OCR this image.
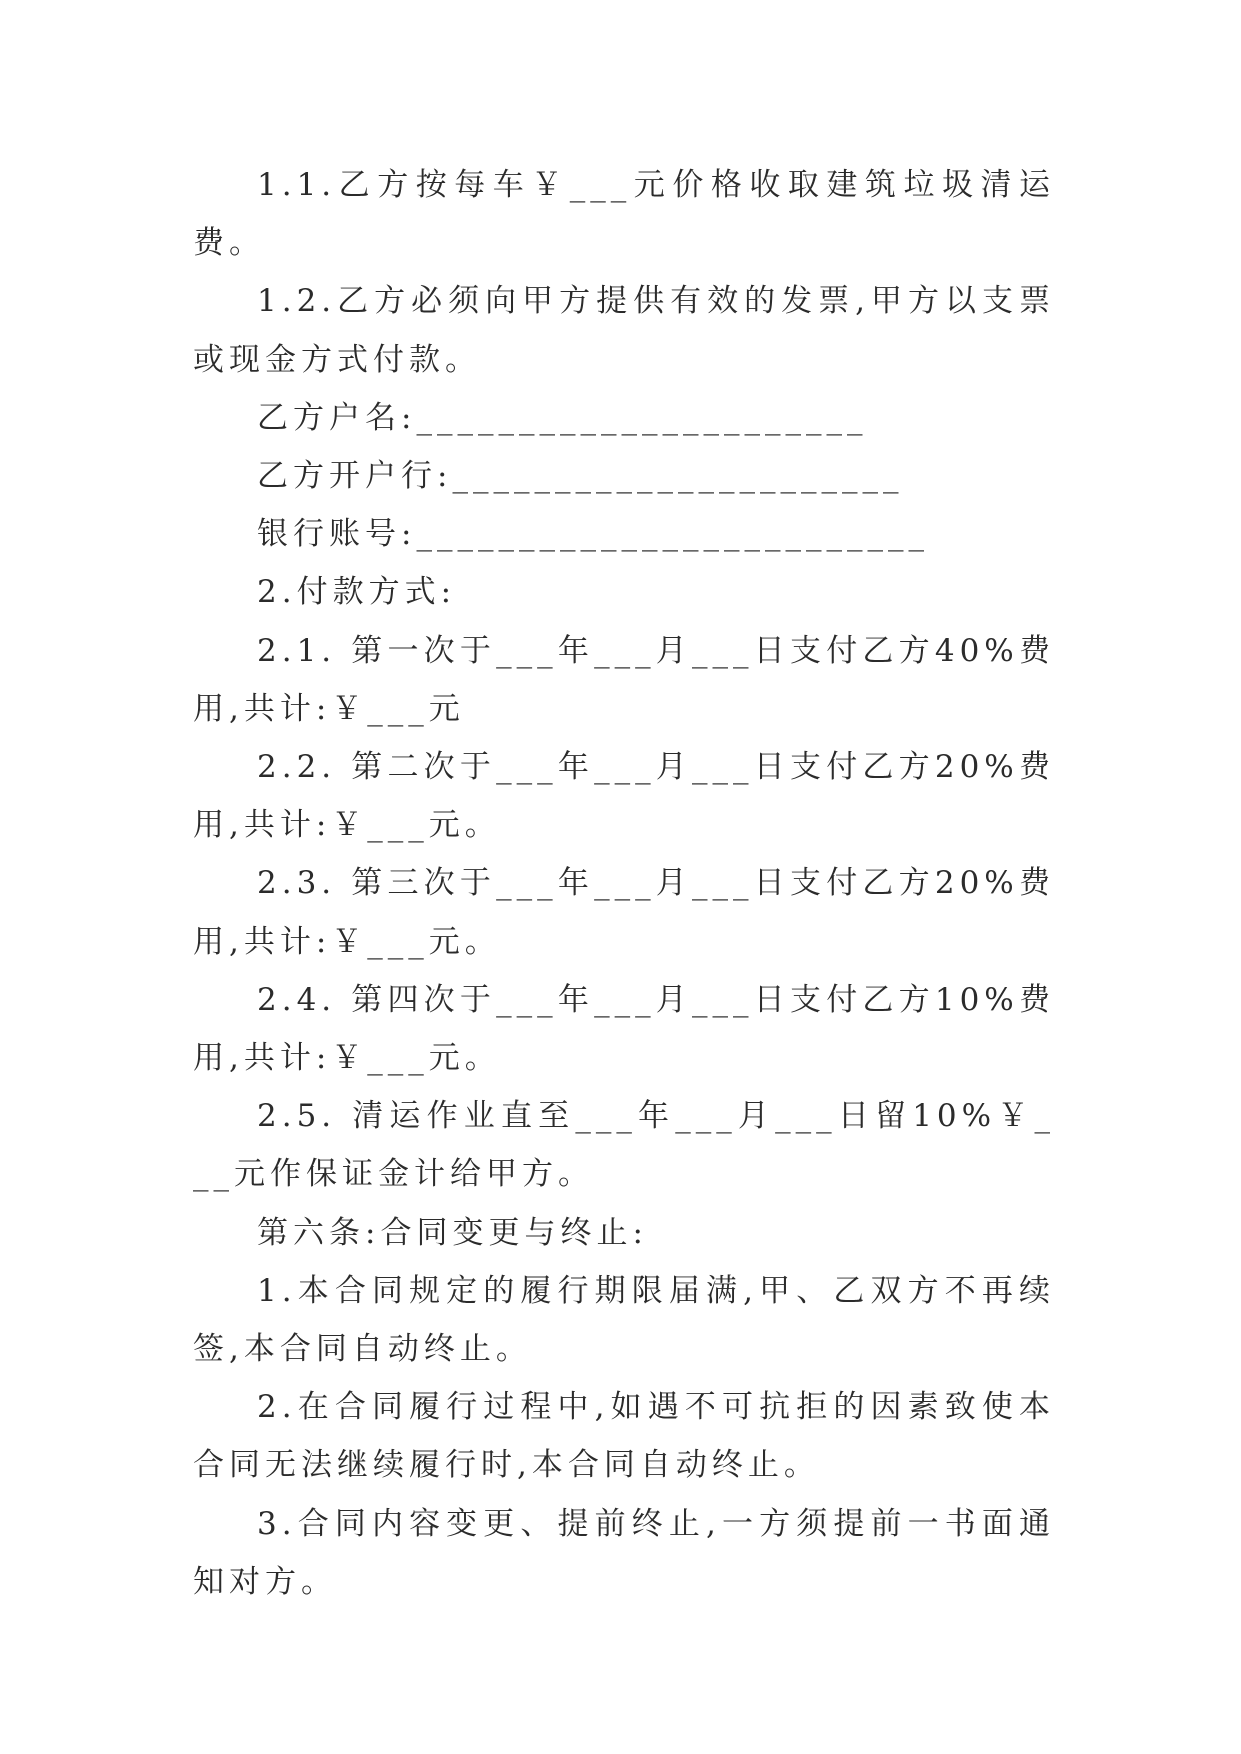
1.1.乙方按每车￥___元价格收取建筑垃圾清运费。

1.2.乙方必须向甲方提供有效的发票,甲方以支票或现金方式付款。

乙方户名:______________________

乙方开户行:______________________

银行账号:_________________________

2.付款方式:

2.1. 第一次于___年___月___日支付乙方40%费用,共计:￥___元

2.2. 第二次于___年___月___日支付乙方20%费用,共计:￥___元。

2.3. 第三次于___年___月___日支付乙方20%费用,共计:￥___元。

2.4. 第四次于___年___月___日支付乙方10%费用,共计:￥___元。

2.5. 清运作业直至___年___月___日留10%￥___元作保证金计给甲方。

第六条:合同变更与终止:

1.本合同规定的履行期限届满,甲、乙双方不再续签,本合同自动终止。

2.在合同履行过程中,如遇不可抗拒的因素致使本合同无法继续履行时,本合同自动终止。

3.合同内容变更、提前终止,一方须提前一书面通知对方。
